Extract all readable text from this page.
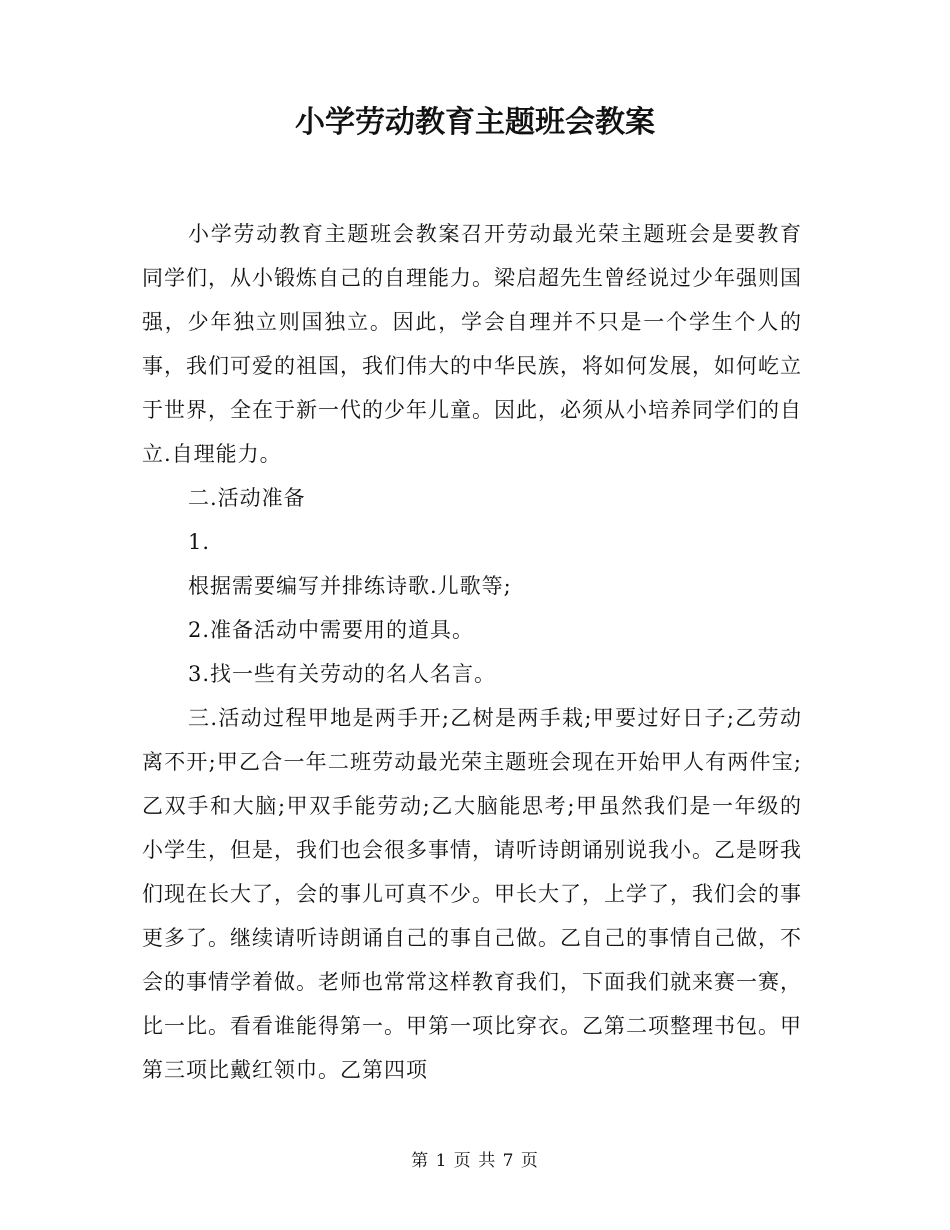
小学劳动教育主题班会教案

小学劳动教育主题班会教案召开劳动最光荣主题班会是要教育同学们，从小锻炼自己的自理能力。梁启超先生曾经说过少年强则国强，少年独立则国独立。因此，学会自理并不只是一个学生个人的事，我们可爱的祖国，我们伟大的中华民族，将如何发展，如何屹立于世界，全在于新一代的少年儿童。因此，必须从小培养同学们的自立.自理能力。

二.活动准备

1.

根据需要编写并排练诗歌.儿歌等;

2.准备活动中需要用的道具。

3.找一些有关劳动的名人名言。

三.活动过程甲地是两手开;乙树是两手栽;甲要过好日子;乙劳动离不开;甲乙合一年二班劳动最光荣主题班会现在开始甲人有两件宝;乙双手和大脑;甲双手能劳动;乙大脑能思考;甲虽然我们是一年级的小学生，但是，我们也会很多事情，请听诗朗诵别说我小。乙是呀我们现在长大了，会的事儿可真不少。甲长大了，上学了，我们会的事更多了。继续请听诗朗诵自己的事自己做。乙自己的事情自己做，不会的事情学着做。老师也常常这样教育我们，下面我们就来赛一赛，比一比。看看谁能得第一。甲第一项比穿衣。乙第二项整理书包。甲第三项比戴红领巾。乙第四项

第 1 页 共 7 页
